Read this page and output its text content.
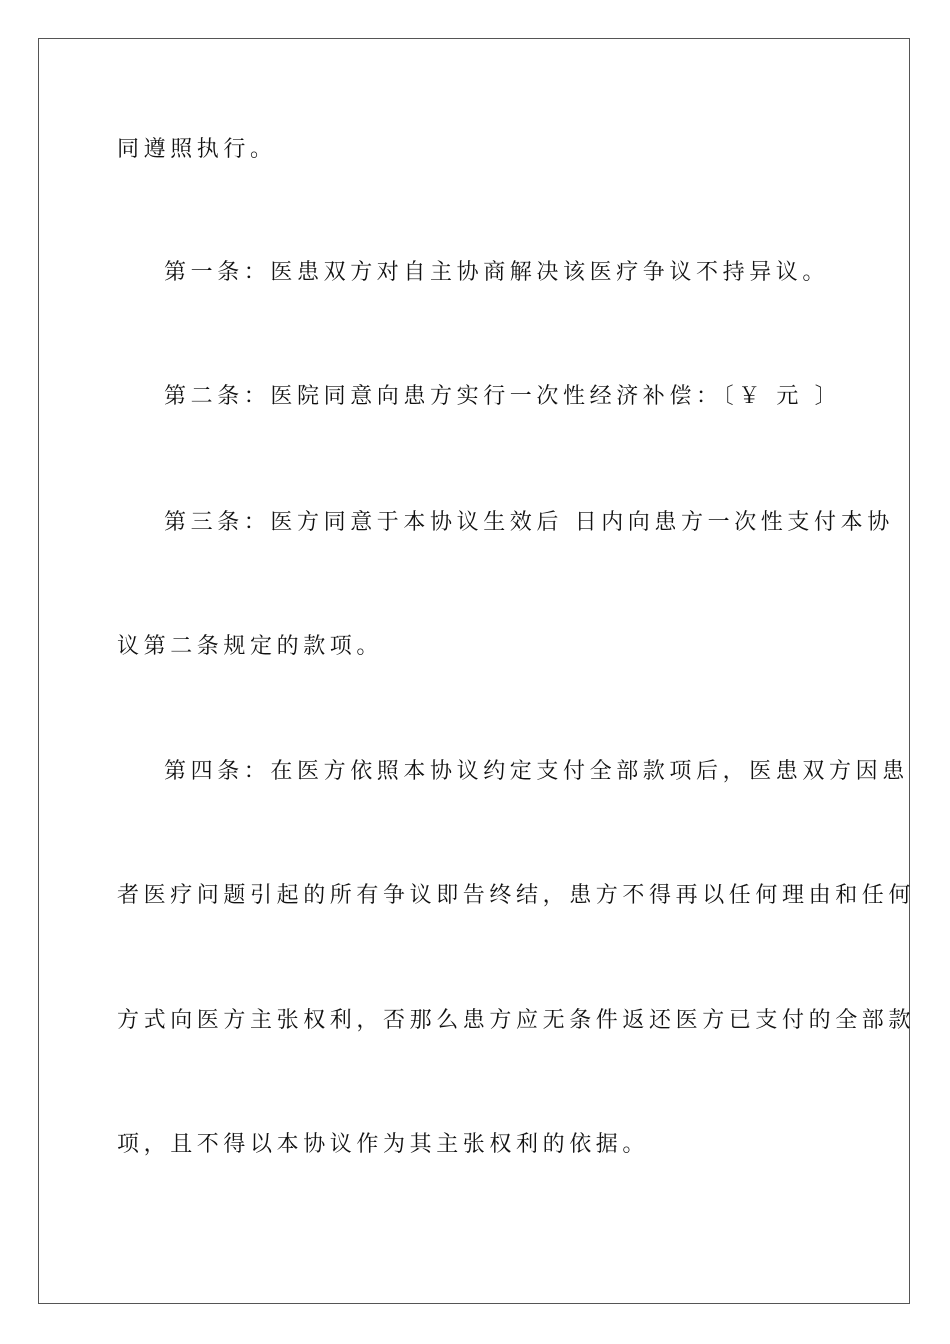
同遵照执行。
第一条：医患双方对自主协商解决该医疗争议不持异议。
第二条：医院同意向患方实行一次性经济补偿：〔￥ 元 〕
第三条：医方同意于本协议生效后 日内向患方一次性支付本协
议第二条规定的款项。
第四条：在医方依照本协议约定支付全部款项后，医患双方因患
者医疗问题引起的所有争议即告终结，患方不得再以任何理由和任何
方式向医方主张权利，否那么患方应无条件返还医方已支付的全部款
项，且不得以本协议作为其主张权利的依据。
